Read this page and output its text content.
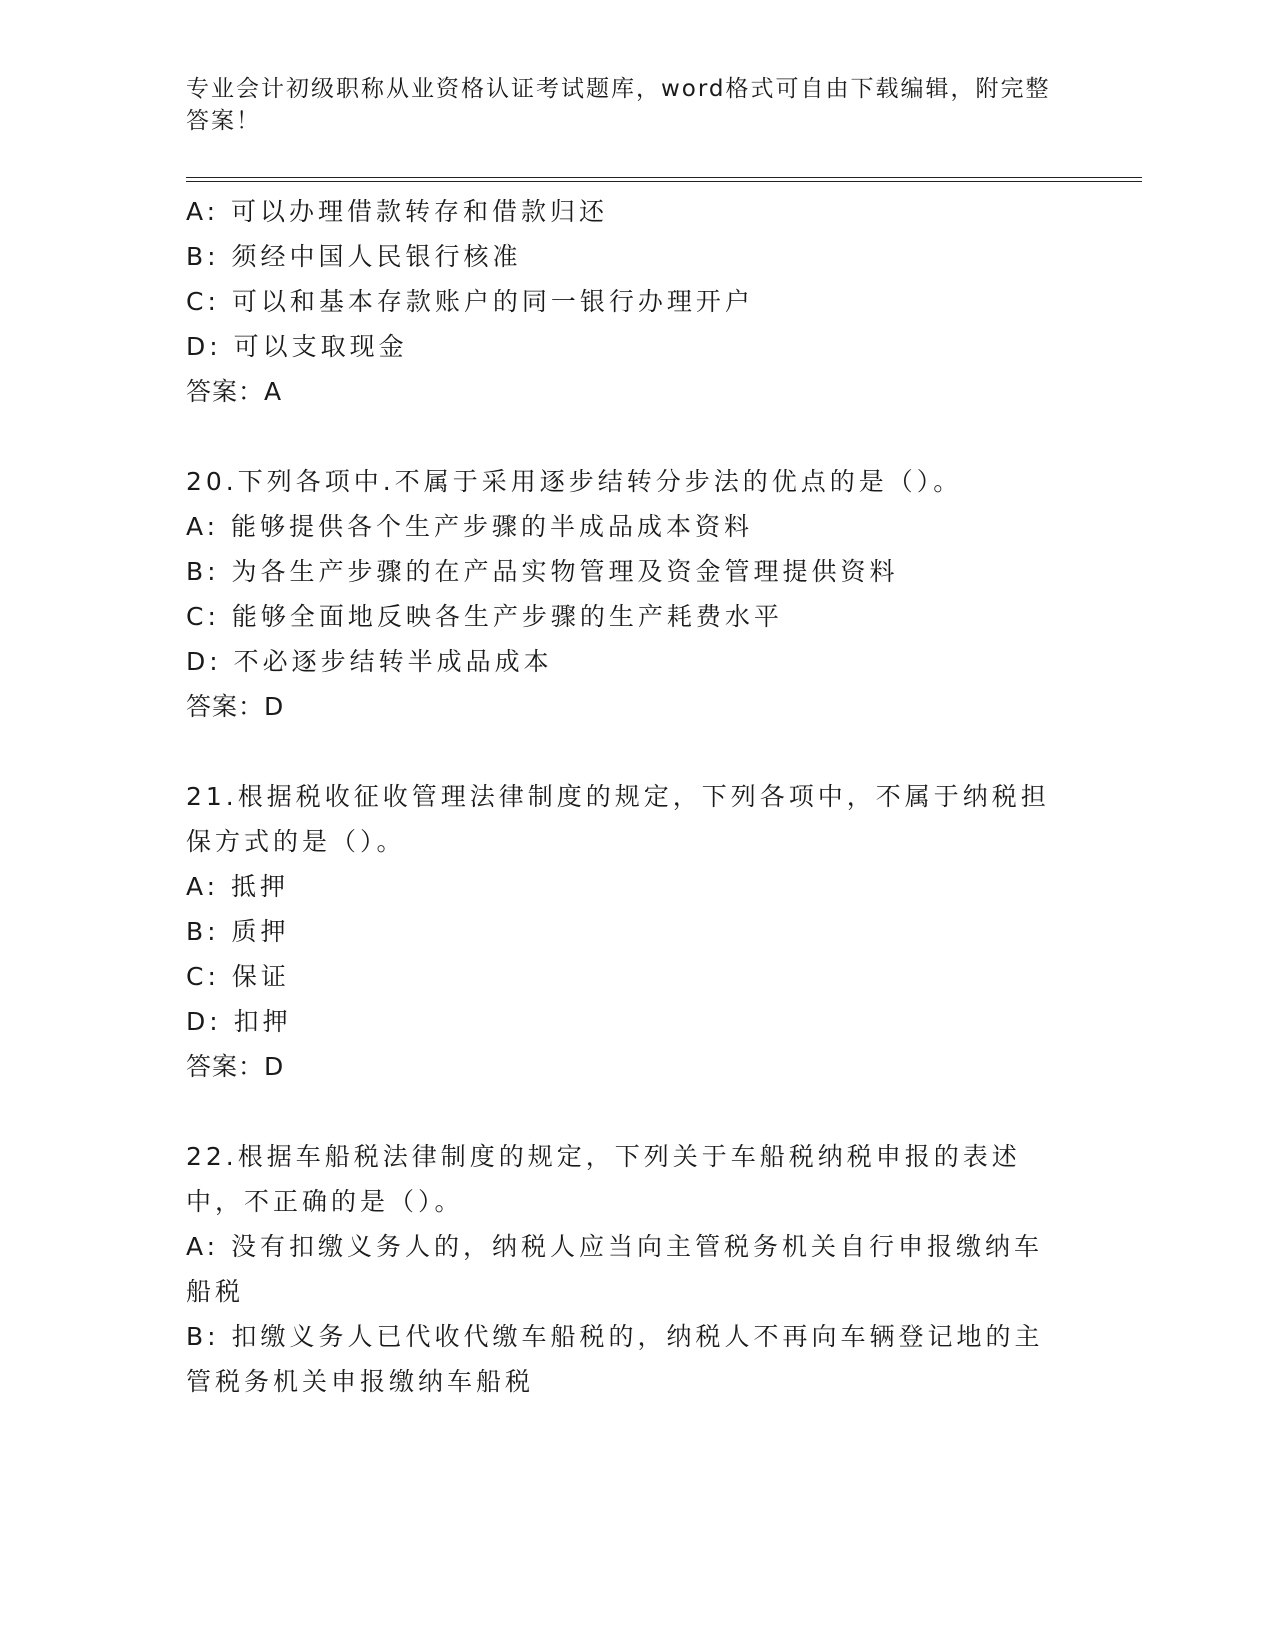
专业会计初级职称从业资格认证考试题库，word格式可自由下载编辑，附完整答案！
A: 可以办理借款转存和借款归还
B: 须经中国人民银行核准
C: 可以和基本存款账户的同一银行办理开户
D: 可以支取现金
答案：A
20.下列各项中.不属于采用逐步结转分步法的优点的是（）。
A: 能够提供各个生产步骤的半成品成本资料
B: 为各生产步骤的在产品实物管理及资金管理提供资料
C: 能够全面地反映各生产步骤的生产耗费水平
D: 不必逐步结转半成品成本
答案：D
21.根据税收征收管理法律制度的规定，下列各项中，不属于纳税担保方式的是（）。
A: 抵押
B: 质押
C: 保证
D: 扣押
答案：D
22.根据车船税法律制度的规定，下列关于车船税纳税申报的表述中，不正确的是（）。
A: 没有扣缴义务人的，纳税人应当向主管税务机关自行申报缴纳车船税
B: 扣缴义务人已代收代缴车船税的，纳税人不再向车辆登记地的主管税务机关申报缴纳车船税
